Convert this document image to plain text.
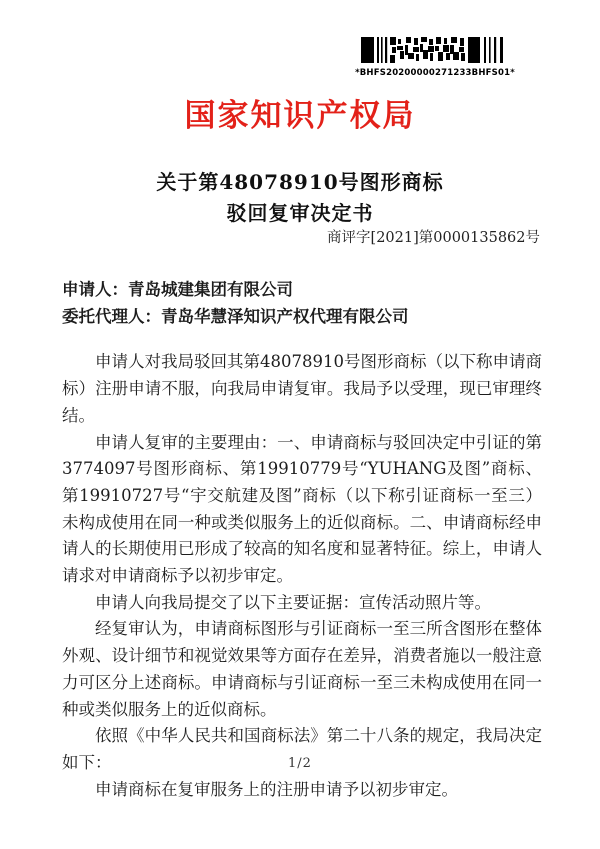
*BHFS20200000271233BHFS01*
国家知识产权局
关于第48078910号图形商标
驳回复审决定书
商评字[2021]第0000135862号

申请人：青岛城建集团有限公司

委托代理人：青岛华慧泽知识产权代理有限公司

申请人对我局驳回其第48078910号图形商标（以下称申请商标）注册申请不服，向我局申请复审。我局予以受理，现已审理终结。

申请人复审的主要理由：一、申请商标与驳回决定中引证的第3774097号图形商标、第19910779号“YUHANG及图”商标、第19910727号“宇交航建及图”商标（以下称引证商标一至三）未构成使用在同一种或类似服务上的近似商标。二、申请商标经申请人的长期使用已形成了较高的知名度和显著特征。综上，申请人请求对申请商标予以初步审定。

申请人向我局提交了以下主要证据：宣传活动照片等。

经复审认为，申请商标图形与引证商标一至三所含图形在整体外观、设计细节和视觉效果等方面存在差异，消费者施以一般注意力可区分上述商标。申请商标与引证商标一至三未构成使用在同一种或类似服务上的近似商标。

依照《中华人民共和国商标法》第二十八条的规定，我局决定如下：

申请商标在复审服务上的注册申请予以初步审定。

1/2
